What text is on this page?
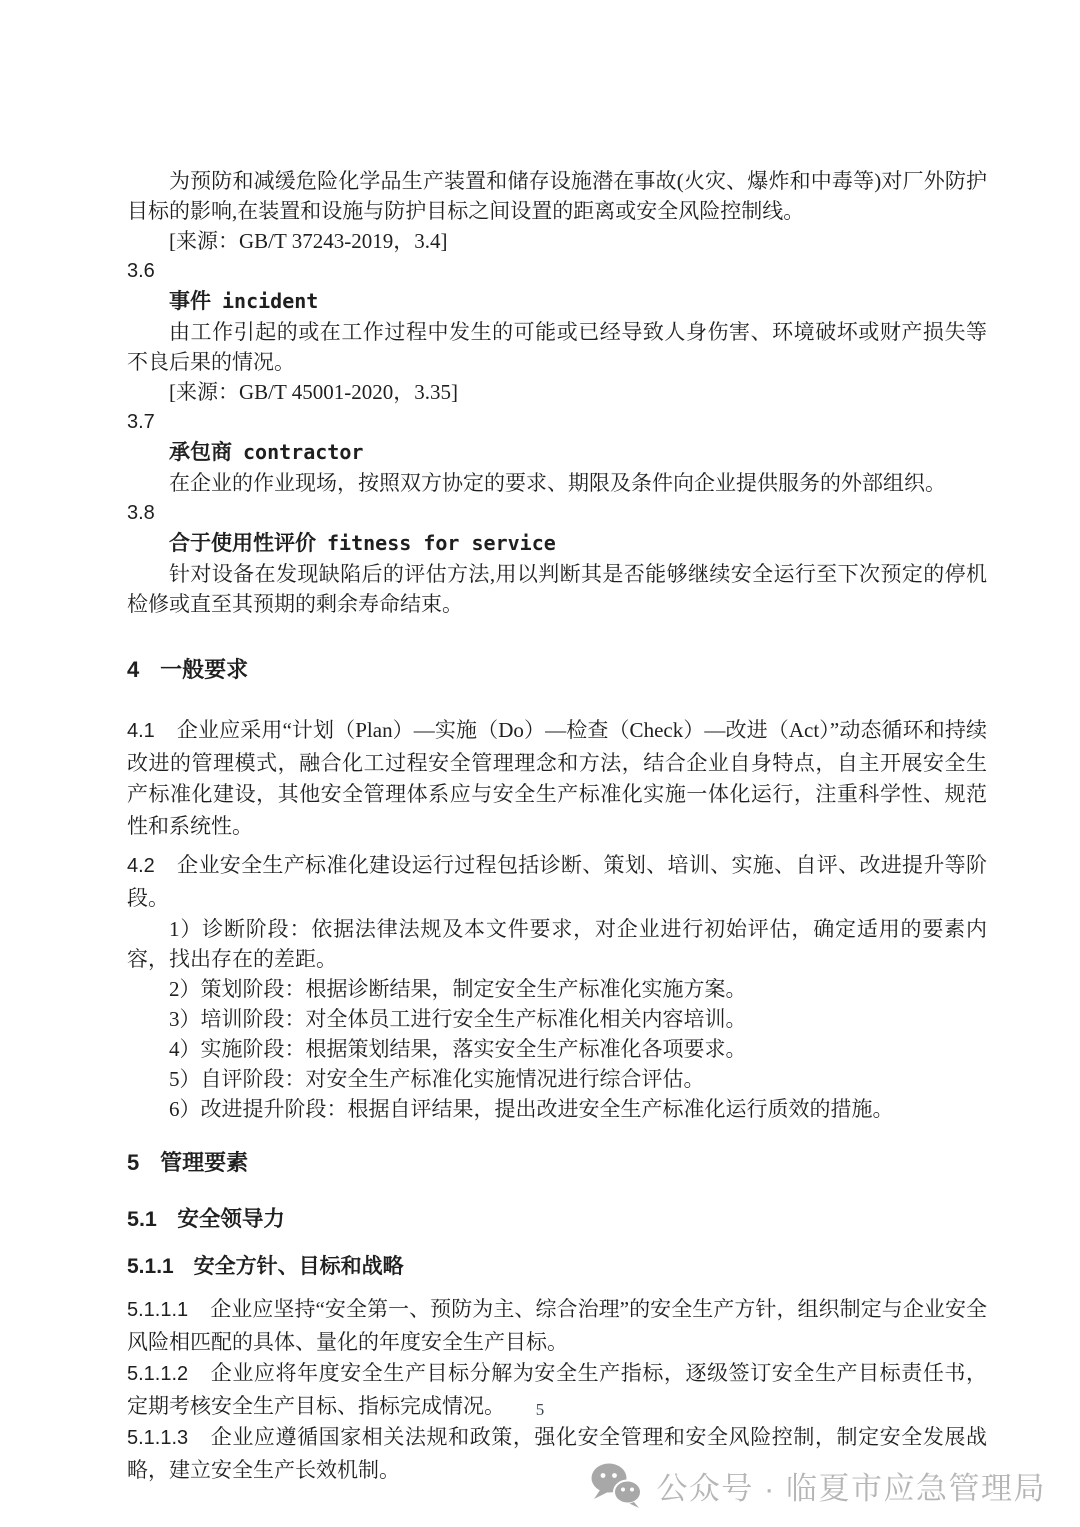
为预防和减缓危险化学品生产装置和储存设施潜在事故(火灾、爆炸和中毒等)对厂外防护目标的影响,在装置和设施与防护目标之间设置的距离或安全风险控制线。

[来源：GB/T 37243-2019，3.4]

3.6

事件 incident

由工作引起的或在工作过程中发生的可能或已经导致人身伤害、环境破坏或财产损失等不良后果的情况。

[来源：GB/T 45001-2020，3.35]

3.7

承包商 contractor

在企业的作业现场，按照双方协定的要求、期限及条件向企业提供服务的外部组织。

3.8

合于使用性评价 fitness for service

针对设备在发现缺陷后的评估方法,用以判断其是否能够继续安全运行至下次预定的停机检修或直至其预期的剩余寿命结束。

4 一般要求

4.1 企业应采用“计划（Plan）—实施（Do）—检查（Check）—改进（Act）”动态循环和持续改进的管理模式，融合化工过程安全管理理念和方法，结合企业自身特点，自主开展安全生产标准化建设，其他安全管理体系应与安全生产标准化实施一体化运行，注重科学性、规范性和系统性。

4.2 企业安全生产标准化建设运行过程包括诊断、策划、培训、实施、自评、改进提升等阶段。

1）诊断阶段：依据法律法规及本文件要求，对企业进行初始评估，确定适用的要素内容，找出存在的差距。

2）策划阶段：根据诊断结果，制定安全生产标准化实施方案。

3）培训阶段：对全体员工进行安全生产标准化相关内容培训。

4）实施阶段：根据策划结果，落实安全生产标准化各项要求。

5）自评阶段：对安全生产标准化实施情况进行综合评估。

6）改进提升阶段：根据自评结果，提出改进安全生产标准化运行质效的措施。

5 管理要素
5.1 安全领导力
5.1.1 安全方针、目标和战略

5.1.1.1 企业应坚持“安全第一、预防为主、综合治理”的安全生产方针，组织制定与企业安全风险相匹配的具体、量化的年度安全生产目标。

5.1.1.2 企业应将年度安全生产目标分解为安全生产指标，逐级签订安全生产目标责任书，定期考核安全生产目标、指标完成情况。

5.1.1.3 企业应遵循国家相关法规和政策，强化安全管理和安全风险控制，制定安全发展战略，建立安全生产长效机制。

5
公众号 · 临夏市应急管理局
